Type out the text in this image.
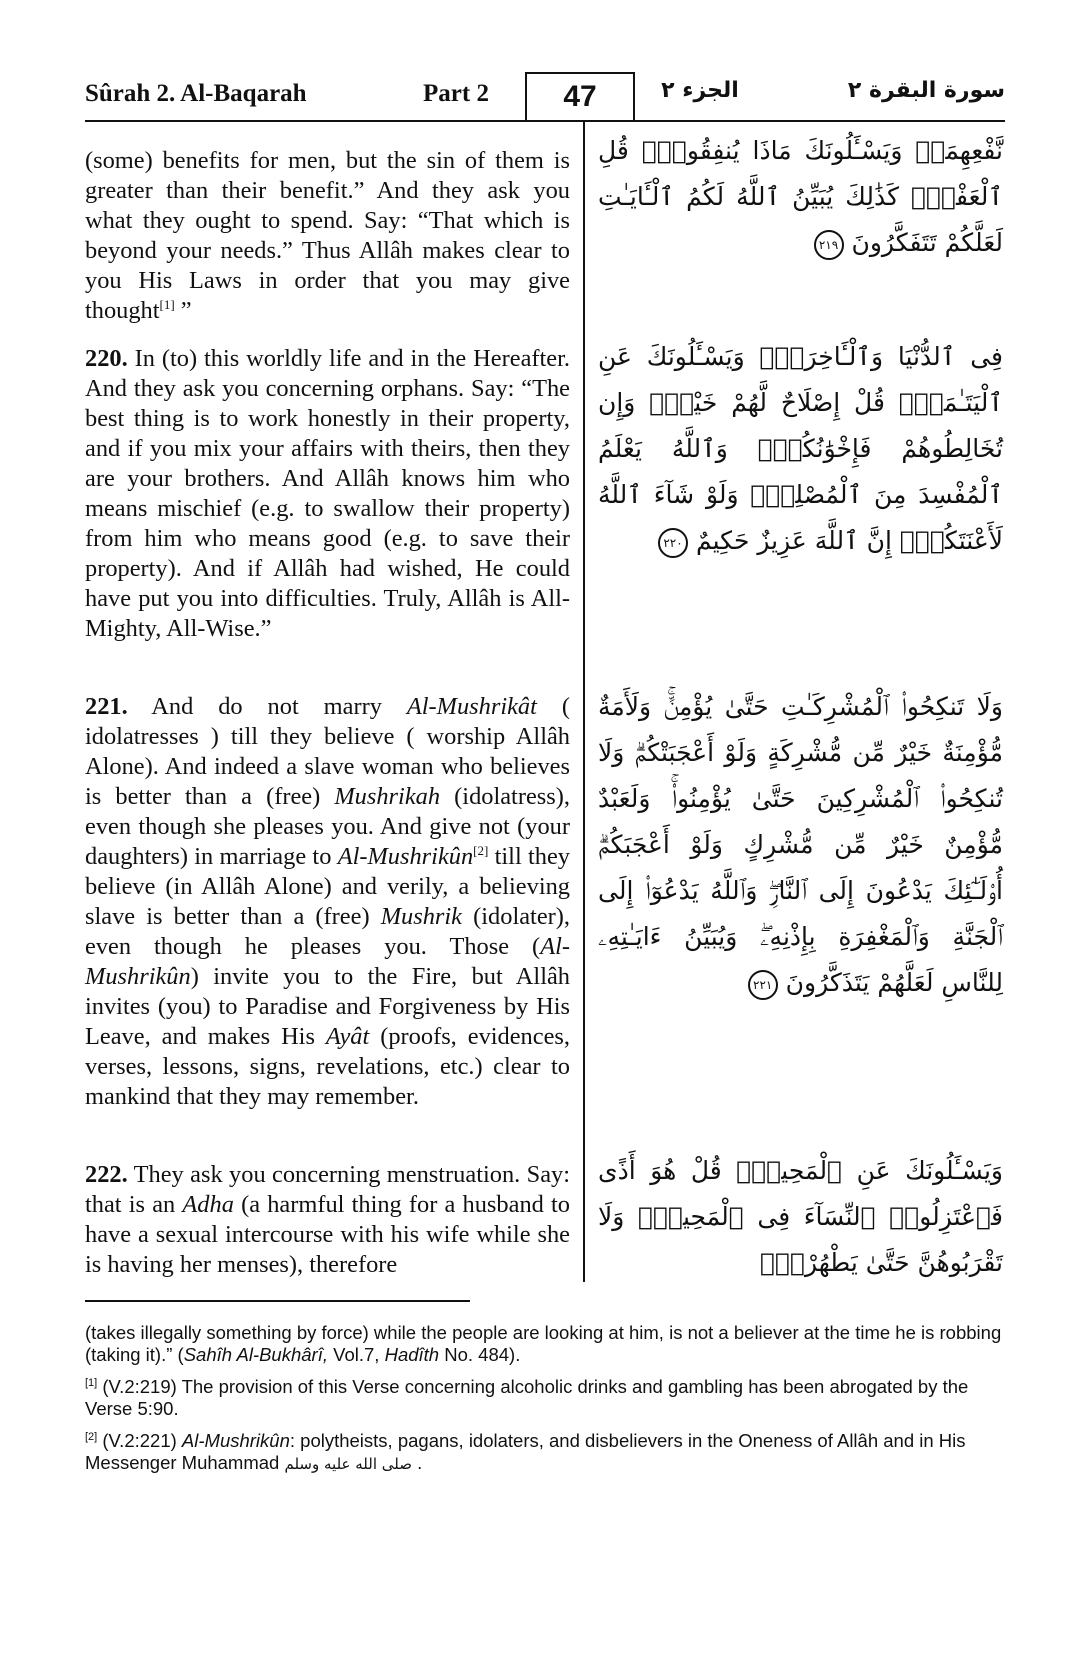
Sûrah 2. Al-Baqarah	Part 2 47	الجزء ٢	سورة البقرة ٢

(some) benefits for men, but the sin of them is greater than their benefit.” And they ask you what they ought to spend. Say: “That which is beyond your needs.” Thus Allâh makes clear to you His Laws in order that you may give thought[1] ”

220. In (to) this worldly life and in the Hereafter. And they ask you concerning orphans. Say: “The best thing is to work honestly in their property, and if you mix your affairs with theirs, then they are your brothers. And Allâh knows him who means mischief (e.g. to swallow their property) from him who means good (e.g. to save their property). And if Allâh had wished, He could have put you into difficulties. Truly, Allâh is All-Mighty, All-Wise.”

221. And do not marry Al-Mushrikât ( idolatresses ) till they believe ( worship Allâh Alone). And indeed a slave woman who believes is better than a (free) Mushrikah (idolatress), even though she pleases you. And give not (your daughters) in marriage to Al-Mushrikûn[2] till they believe (in Allâh Alone) and verily, a believing slave is better than a (free) Mushrik (idolater), even though he pleases you. Those (Al-Mushrikûn) invite you to the Fire, but Allâh invites (you) to Paradise and Forgiveness by His Leave, and makes His Ayât (proofs, evidences, verses, lessons, signs, revelations, etc.) clear to mankind that they may remember.

222. They ask you concerning menstruation. Say: that is an Adha (a harmful thing for a husband to have a sexual intercourse with his wife while she is having her menses), therefore

نَّفْعِهِمَاۗ وَيَسْـَٔلُونَكَ مَاذَا يُنفِقُونَۖ قُلِ ٱلْعَفْوَۗ كَذَٰلِكَ يُبَيِّنُ ٱللَّهُ لَكُمُ ٱلْـَٔايَـٰتِ لَعَلَّكُمْ تَتَفَكَّرُونَ ٢١٩
فِى ٱلدُّنْيَا وَٱلْـَٔاخِرَةِۗ وَيَسْـَٔلُونَكَ عَنِ ٱلْيَتَـٰمَىٰۖ قُلْ إِصْلَاحٌ لَّهُمْ خَيْرٌۖ وَإِن تُخَالِطُوهُمْ فَإِخْوَٰنُكُمْۚ وَٱللَّهُ يَعْلَمُ ٱلْمُفْسِدَ مِنَ ٱلْمُصْلِحِۚ وَلَوْ شَآءَ ٱللَّهُ لَأَعْنَتَكُمْۚ إِنَّ ٱللَّهَ عَزِيزٌ حَكِيمٌ ٢٢٠
وَلَا تَنكِحُوا۟ ٱلْمُشْرِكَـٰتِ حَتَّىٰ يُؤْمِنَّۚ وَلَأَمَةٌ مُّؤْمِنَةٌ خَيْرٌ مِّن مُّشْرِكَةٍ وَلَوْ أَعْجَبَتْكُمْۗ وَلَا تُنكِحُوا۟ ٱلْمُشْرِكِينَ حَتَّىٰ يُؤْمِنُوا۟ۚ وَلَعَبْدٌ مُّؤْمِنٌ خَيْرٌ مِّن مُّشْرِكٍ وَلَوْ أَعْجَبَكُمْۗ أُو۟لَـٰٓئِكَ يَدْعُونَ إِلَى ٱلنَّارِۖ وَٱللَّهُ يَدْعُوٓا۟ إِلَى ٱلْجَنَّةِ وَٱلْمَغْفِرَةِ بِإِذْنِهِۦۖ وَيُبَيِّنُ ءَايَـٰتِهِۦ لِلنَّاسِ لَعَلَّهُمْ يَتَذَكَّرُونَ ٢٢١
وَيَسْـَٔلُونَكَ عَنِ ٱلْمَحِيضِۖ قُلْ هُوَ أَذًى فَٱعْتَزِلُوا۟ ٱلنِّسَآءَ فِى ٱلْمَحِيضِۖ وَلَا تَقْرَبُوهُنَّ حَتَّىٰ يَطْهُرْنَۖ
(takes illegally something by force) while the people are looking at him, is not a believer at the time he is robbing (taking it).” (Sahîh Al-Bukhârî, Vol.7, Hadîth No. 484).
[1] (V.2:219) The provision of this Verse concerning alcoholic drinks and gambling has been abrogated by the Verse 5:90.
[2] (V.2:221) Al-Mushrikûn: polytheists, pagans, idolaters, and disbelievers in the Oneness of Allâh and in His Messenger Muhammad صلى الله عليه وسلم .
